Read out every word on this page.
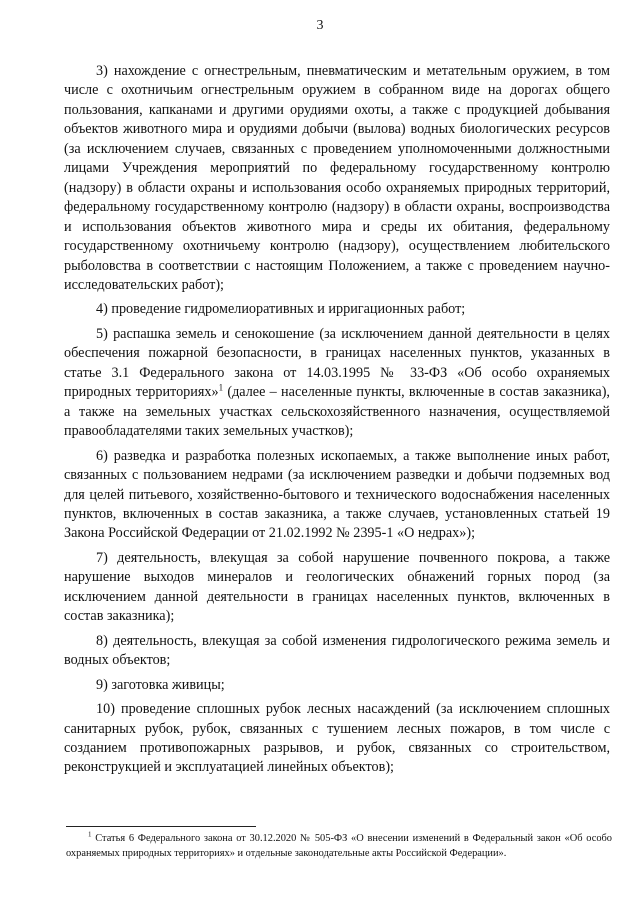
3

3) нахождение с огнестрельным, пневматическим и метательным оружием, в том числе с охотничьим огнестрельным оружием в собранном виде на дорогах общего пользования, капканами и другими орудиями охоты, а также с продукцией добывания объектов животного мира и орудиями добычи (вылова) водных биологических ресурсов (за исключением случаев, связанных с проведением уполномоченными должностными лицами Учреждения мероприятий по федеральному государственному контролю (надзору) в области охраны и использования особо охраняемых природных территорий, федеральному государственному контролю (надзору) в области охраны, воспроизводства и использования объектов животного мира и среды их обитания, федеральному государственному охотничьему контролю (надзору), осуществлением любительского рыболовства в соответствии с настоящим Положением, а также с проведением научно-исследовательских работ);

4) проведение гидромелиоративных и ирригационных работ;

5) распашка земель и сенокошение (за исключением данной деятельности в целях обеспечения пожарной безопасности, в границах населенных пунктов, указанных в статье 3.1 Федерального закона от 14.03.1995 № 33-ФЗ «Об особо охраняемых природных территориях»$^1$ (далее – населенные пункты, включенные в состав заказника), а также на земельных участках сельскохозяйственного назначения, осуществляемой правообладателями таких земельных участков);

6) разведка и разработка полезных ископаемых, а также выполнение иных работ, связанных с пользованием недрами (за исключением разведки и добычи подземных вод для целей питьевого, хозяйственно-бытового и технического водоснабжения населенных пунктов, включенных в состав заказника, а также случаев, установленных статьей 19 Закона Российской Федерации от 21.02.1992 № 2395-1 «О недрах»);

7) деятельность, влекущая за собой нарушение почвенного покрова, а также нарушение выходов минералов и геологических обнажений горных пород (за исключением данной деятельности в границах населенных пунктов, включенных в состав заказника);

8) деятельность, влекущая за собой изменения гидрологического режима земель и водных объектов;

9) заготовка живицы;

10) проведение сплошных рубок лесных насаждений (за исключением сплошных санитарных рубок, рубок, связанных с тушением лесных пожаров, в том числе с созданием противопожарных разрывов, и рубок, связанных со строительством, реконструкцией и эксплуатацией линейных объектов);

$^1$ Статья 6 Федерального закона от 30.12.2020 № 505-ФЗ «О внесении изменений в Федеральный закон «Об особо охраняемых природных территориях» и отдельные законодательные акты Российской Федерации».
